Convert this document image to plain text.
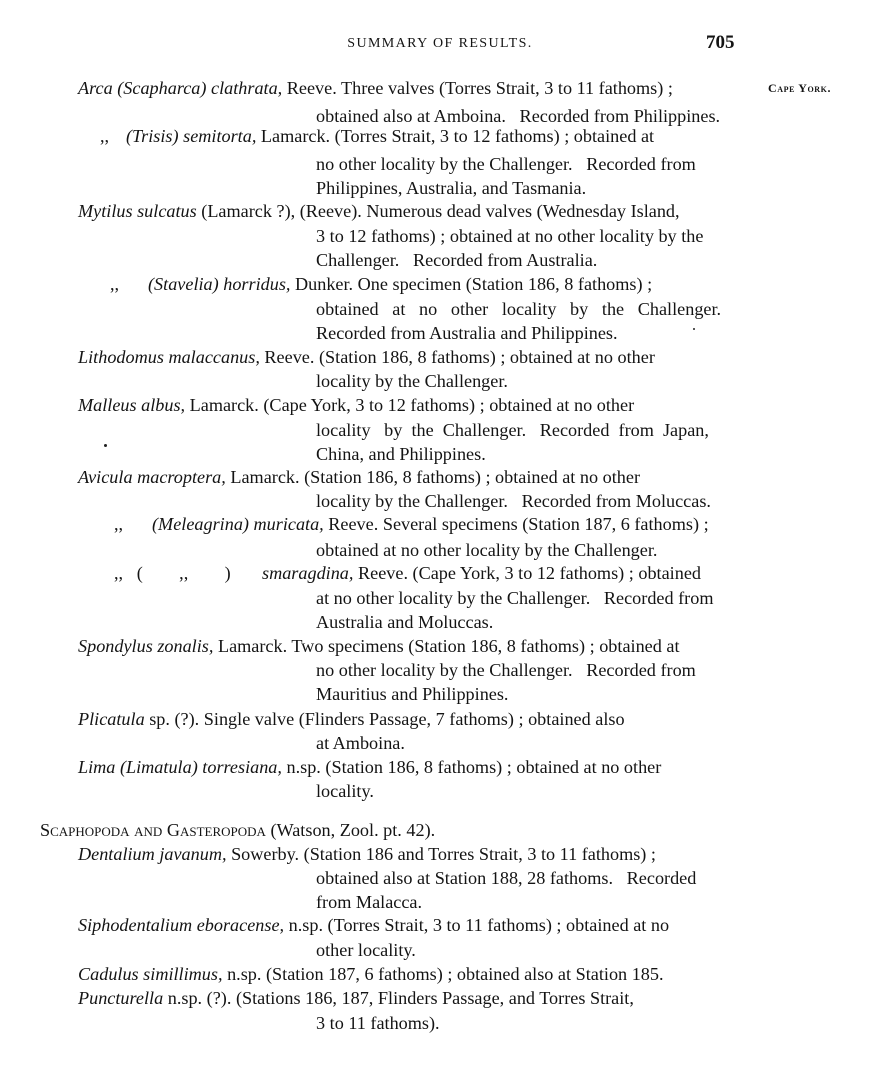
SUMMARY OF RESULTS.	705
Cape York.
Arca (Scapharca) clathrata, Reeve. Three valves (Torres Strait, 3 to 11 fathoms) ;
obtained also at Amboina.   Recorded from Philippines.
(Trisis) semitorta, Lamarck. (Torres Strait, 3 to 12 fathoms) ; obtained at
,,
no other locality by the Challenger.   Recorded from
Philippines, Australia, and Tasmania.
Mytilus sulcatus (Lamarck ?), (Reeve). Numerous dead valves (Wednesday Island,
3 to 12 fathoms) ; obtained at no other locality by the
Challenger.   Recorded from Australia.
(Stavelia) horridus, Dunker. One specimen (Station 186, 8 fathoms) ;
,,
obtained   at   no   other   locality   by   the   Challenger.
Recorded from Australia and Philippines.
Lithodomus malaccanus, Reeve. (Station 186, 8 fathoms) ; obtained at no other
locality by the Challenger.
Malleus albus, Lamarck. (Cape York, 3 to 12 fathoms) ; obtained at no other
locality   by  the  Challenger.   Recorded  from  Japan,
China, and Philippines.
Avicula macroptera, Lamarck. (Station 186, 8 fathoms) ; obtained at no other
locality by the Challenger.   Recorded from Moluccas.
(Meleagrina) muricata, Reeve. Several specimens (Station 187, 6 fathoms) ;
,,
obtained at no other locality by the Challenger.
smaragdina, Reeve. (Cape York, 3 to 12 fathoms) ; obtained
,,   (        ,,        )
at no other locality by the Challenger.   Recorded from
Australia and Moluccas.
Spondylus zonalis, Lamarck. Two specimens (Station 186, 8 fathoms) ; obtained at
no other locality by the Challenger.   Recorded from
Mauritius and Philippines.
Plicatula sp. (?). Single valve (Flinders Passage, 7 fathoms) ; obtained also
at Amboina.
Lima (Limatula) torresiana, n.sp. (Station 186, 8 fathoms) ; obtained at no other
locality.
Scaphopoda and Gasteropoda (Watson, Zool. pt. 42).
Dentalium javanum, Sowerby. (Station 186 and Torres Strait, 3 to 11 fathoms) ;
obtained also at Station 188, 28 fathoms.   Recorded
from Malacca.
Siphodentalium eboracense, n.sp. (Torres Strait, 3 to 11 fathoms) ; obtained at no
other locality.
Cadulus simillimus, n.sp. (Station 187, 6 fathoms) ; obtained also at Station 185.
Puncturella n.sp. (?). (Stations 186, 187, Flinders Passage, and Torres Strait,
3 to 11 fathoms).
